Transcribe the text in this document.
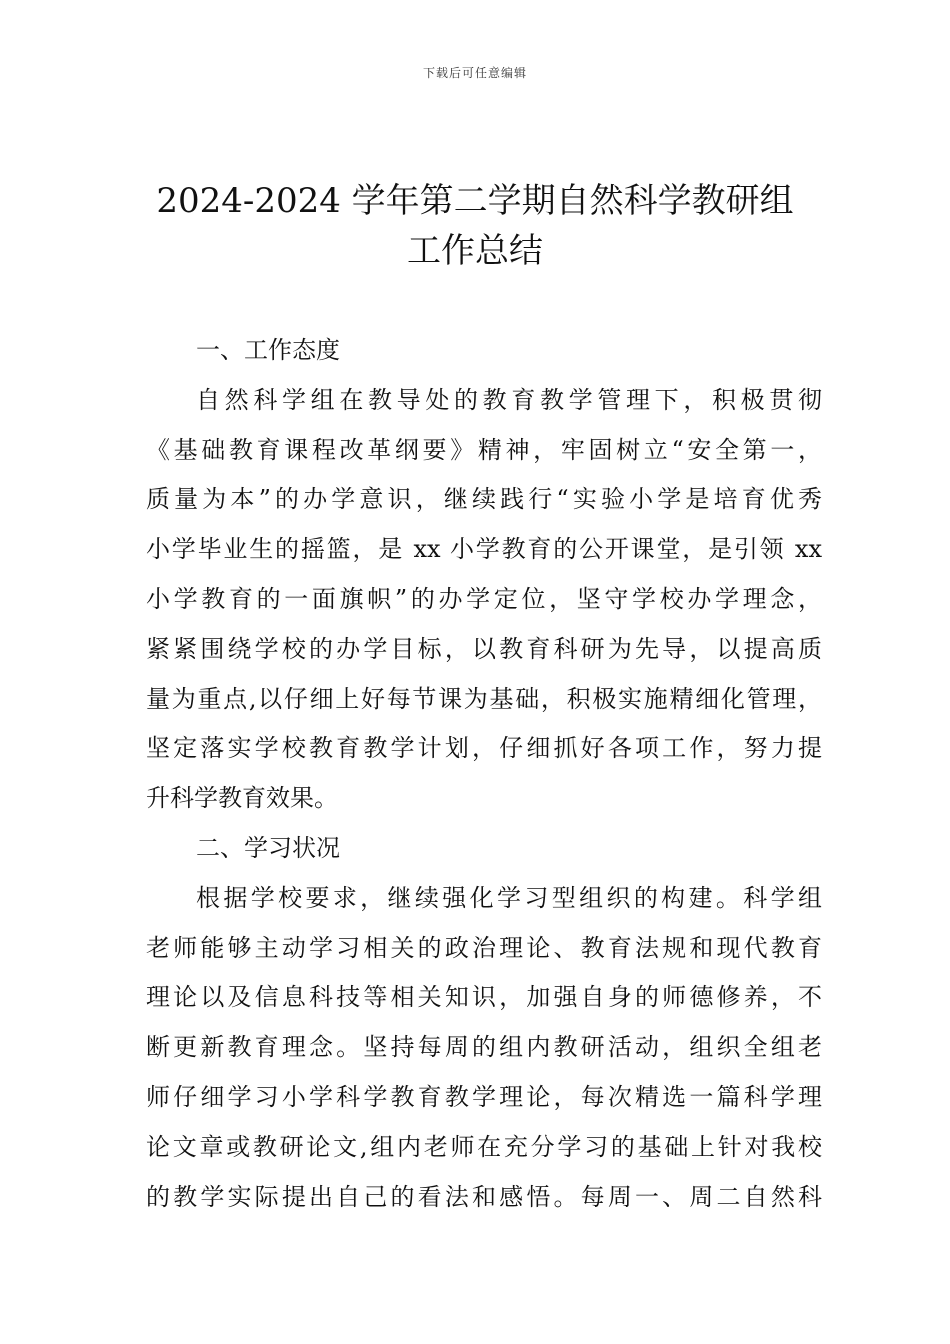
下载后可任意编辑
2024-2024 学年第二学期自然科学教研组
工作总结
一、工作态度
自然科学组在教导处的教育教学管理下，积极贯彻
《基础教育课程改革纲要》精神，牢固树立“安全第一，
质量为本”的办学意识，继续践行“实验小学是培育优秀
小学毕业生的摇篮，是 xx 小学教育的公开课堂，是引领 xx
小学教育的一面旗帜”的办学定位，坚守学校办学理念，
紧紧围绕学校的办学目标，以教育科研为先导，以提高质
量为重点,以仔细上好每节课为基础，积极实施精细化管理，
坚定落实学校教育教学计划，仔细抓好各项工作，努力提
升科学教育效果。
二、学习状况
根据学校要求，继续强化学习型组织的构建。科学组
老师能够主动学习相关的政治理论、教育法规和现代教育
理论以及信息科技等相关知识，加强自身的师德修养，不
断更新教育理念。坚持每周的组内教研活动，组织全组老
师仔细学习小学科学教育教学理论，每次精选一篇科学理
论文章或教研论文,组内老师在充分学习的基础上针对我校
的教学实际提出自己的看法和感悟。每周一、周二自然科
